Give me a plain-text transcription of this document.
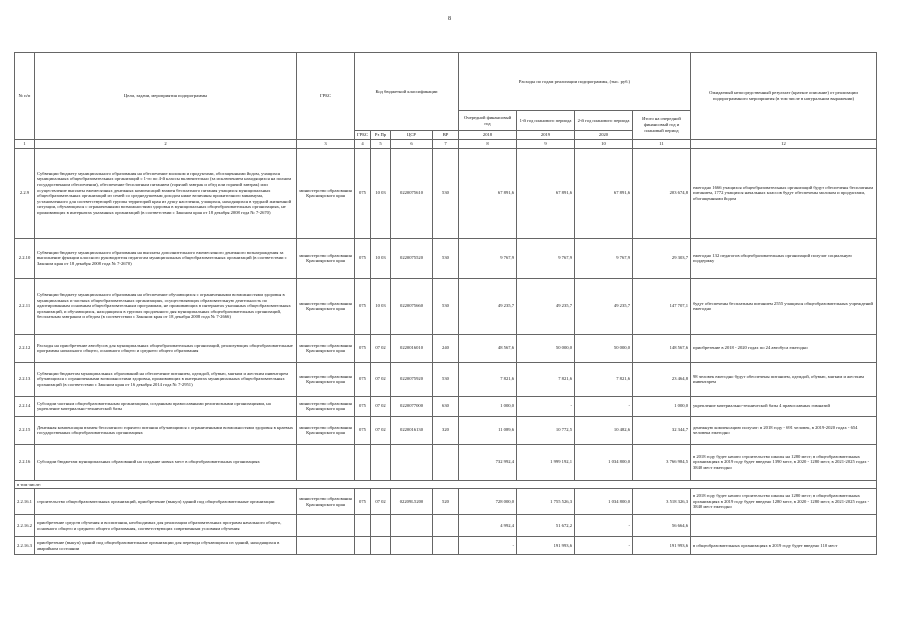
8
№ п/п	Цели, задачи, мероприятия подпрограммы	ГРБС	Код бюджетной классификации				Расходы по годам реализации подпрограммы, (тыс. руб.)				Ожидаемый непосредственный результат (краткое описание) от реализации подпрограммного мероприятия (в том числе в натуральном выражении)
							Очередной финансовый год	1-й год планового периода	2-й год планового периода	Итого на очередной финансовый год и плановый период	
			ГРБС	Рз Пр	ЦСР	ВР	2018	2019	2020		
1	2	3	4	5	6	7	8	9	10	11	12
2.2.9	Субвенции бюджету муниципального образования на обеспечение молоком и продуктами, обогащенными йодом, учащихся муниципальных общеобразовательных организаций с 1-го по 4-й классы включительно (за исключением находящихся на полном государственном обеспечении), обеспечение бесплатным питанием (горячий завтрак и обед или горячий завтрак) или осуществление выплаты ежемесячных денежных компенсаций взамен бесплатного питания учащихся муниципальных общеобразовательных организаций из семей со среднедушевым доходом ниже величины прожиточного минимума, установленного для соответствующей группы территорий края из душу населения, учащихся, находящихся в трудной жизненной ситуации, обучающихся с ограниченными возможностями здоровья в муниципальных общеобразовательных организациях, не проживающих в интернатах указанных организаций (в соответствии с Законом края от 18 декабря 2008 года № 7-2670)	министерство образования Красноярского края	075	10 03	0220075610	530	67 891,6	67 891,6	67 891,6	203 674,8	ежегодно 1666 учащихся общеобразовательных организаций будут обеспечены бесплатным питанием, 1772 учащихся начальных классов будут обеспечены молоком и продуктами, обогащенными йодом
2.2.10	Субвенции бюджету муниципального образования на выплаты дополнительного ежемесячного денежного вознаграждения за выполнение функции классного руководителя педагогам муниципальных общеобразовательных организаций (в соответствии с Законом края от 18 декабря 2008 года № 7-2670)	министерство образования Красноярского края	075	10 03	0220075520	530	9 767,9	9 767,9	9 767,9	29 303,7	ежегодно 132 педагогов общеобразовательных организаций получат социальную поддержку
2.2.11	Субвенции бюджету муниципального образования на обеспечение обучающихся с ограниченными возможностями здоровья в муниципальных и частных общеобразовательных организациях, осуществляющих образовательную деятельность по адаптированным основным общеобразовательным программам, не проживающих в интернатах указанных общеобразовательных организаций, и обучающихся, находящихся в группах продленного дня муниципальных общеобразовательных организаций, бесплатным завтраком и обедом (в соответствии с Законом края от 18 декабря 2008 года № 7-2666)	министерство образования Красноярского края	075	10 03	0220075660	530	49 235,7	49 235,7	49 235,7	147 707,1	будут обеспечены бесплатным питанием 2555 учащихся общеобразовательных учреждений ежегодно
2.2.12	Расходы на приобретение автобусов для муниципальных общеобразовательных организаций, реализующих общеобразовательные программы начального общего, основного общего и среднего общего образования	министерство образования Красноярского края	075	07 02	0220016010	240	48 567,6	50 000,0	50 000,0	148 567,6	приобретение в 2018 - 2020 годах по 24 автобуса ежегодно
2.2.13	Субвенции бюджетам муниципальных образований на обеспечение питанием, одеждой, обувью, мягким и жестким инвентарем обучающихся с ограниченными возможностями здоровья, проживающих в интернатах муниципальных общеобразовательных организаций (в соответствии с Законом края от 16 декабря 2014 года № 7-2951)	министерство образования Красноярского края	075	07 02	0220075920	530	7 821,6	7 821,6	7 821,6	23 464,8	98 человек ежегодно будут обеспечены питанием, одеждой, обувью, мягким и жестким инвентарем
2.2.14	Субсидии частным общеобразовательным организациям, созданным православными религиозными организациями, на укрепление материально-технической базы	министерство образования Красноярского края	075	07 02	0220077000	630	1 000,0	-	-	1 000,0	укрепление материально-технической базы 4 православных гимназий
2.2.15	Денежная компенсация взамен бесплатного горячего питания обучающимся с ограниченными возможностями здоровья в краевых государственных общеобразовательных организациях	министерство образования Красноярского края	075	07 02	0220016130	320	11 089,6	10 772,5	10 482,6	32 344,7	денежную компенсацию получат: в 2018 году - 691 человек, в 2019-2020 годах - 654 человека ежегодно
2.2.16	Субсидии бюджетам муниципальных образований на создание новых мест в общеобразовательных организациях						732 992,4	1 999 192,1	1 034 800,0	3 766 984,5	в 2018 году будет начато строительство школы на 1280 мест; в общеобразовательных организациях в 2019 году будет введено 1390 мест, в 2020 - 1280 мест, в 2021-2025 годах - 3840 мест ежегодно
в том числе:											
2.2.16.1	строительство общеобразовательных организаций, приобретение (выкуп) зданий под общеобразовательные организации	министерство образования Красноярского края	075	07 02	02209L5200	520	728 000,0	1 755 526,3	1 034 800,0	3 518 326,3	в 2018 году будет начато строительство школы на 1280 мест; в общеобразовательных организациях в 2019 году будет введено 1280 мест, в 2020 - 1280 мест, в 2021-2025 годах - 3840 мест ежегодно
2.2.16.2	приобретение средств обучения и воспитания, необходимых для реализации образовательных программ начального общего, основного общего и среднего общего образования, соответствующих современным условиям обучения						4 992,4	51 672,2	-	56 664,6	
2.2.16.3	приобретение (выкуп) зданий под общеобразовательные организации для перевода обучающихся из зданий, находящихся в аварийном состоянии						-	191 993,6	-	191 993,6	в общеобразовательных организациях в 2019 году будет введено 110 мест
